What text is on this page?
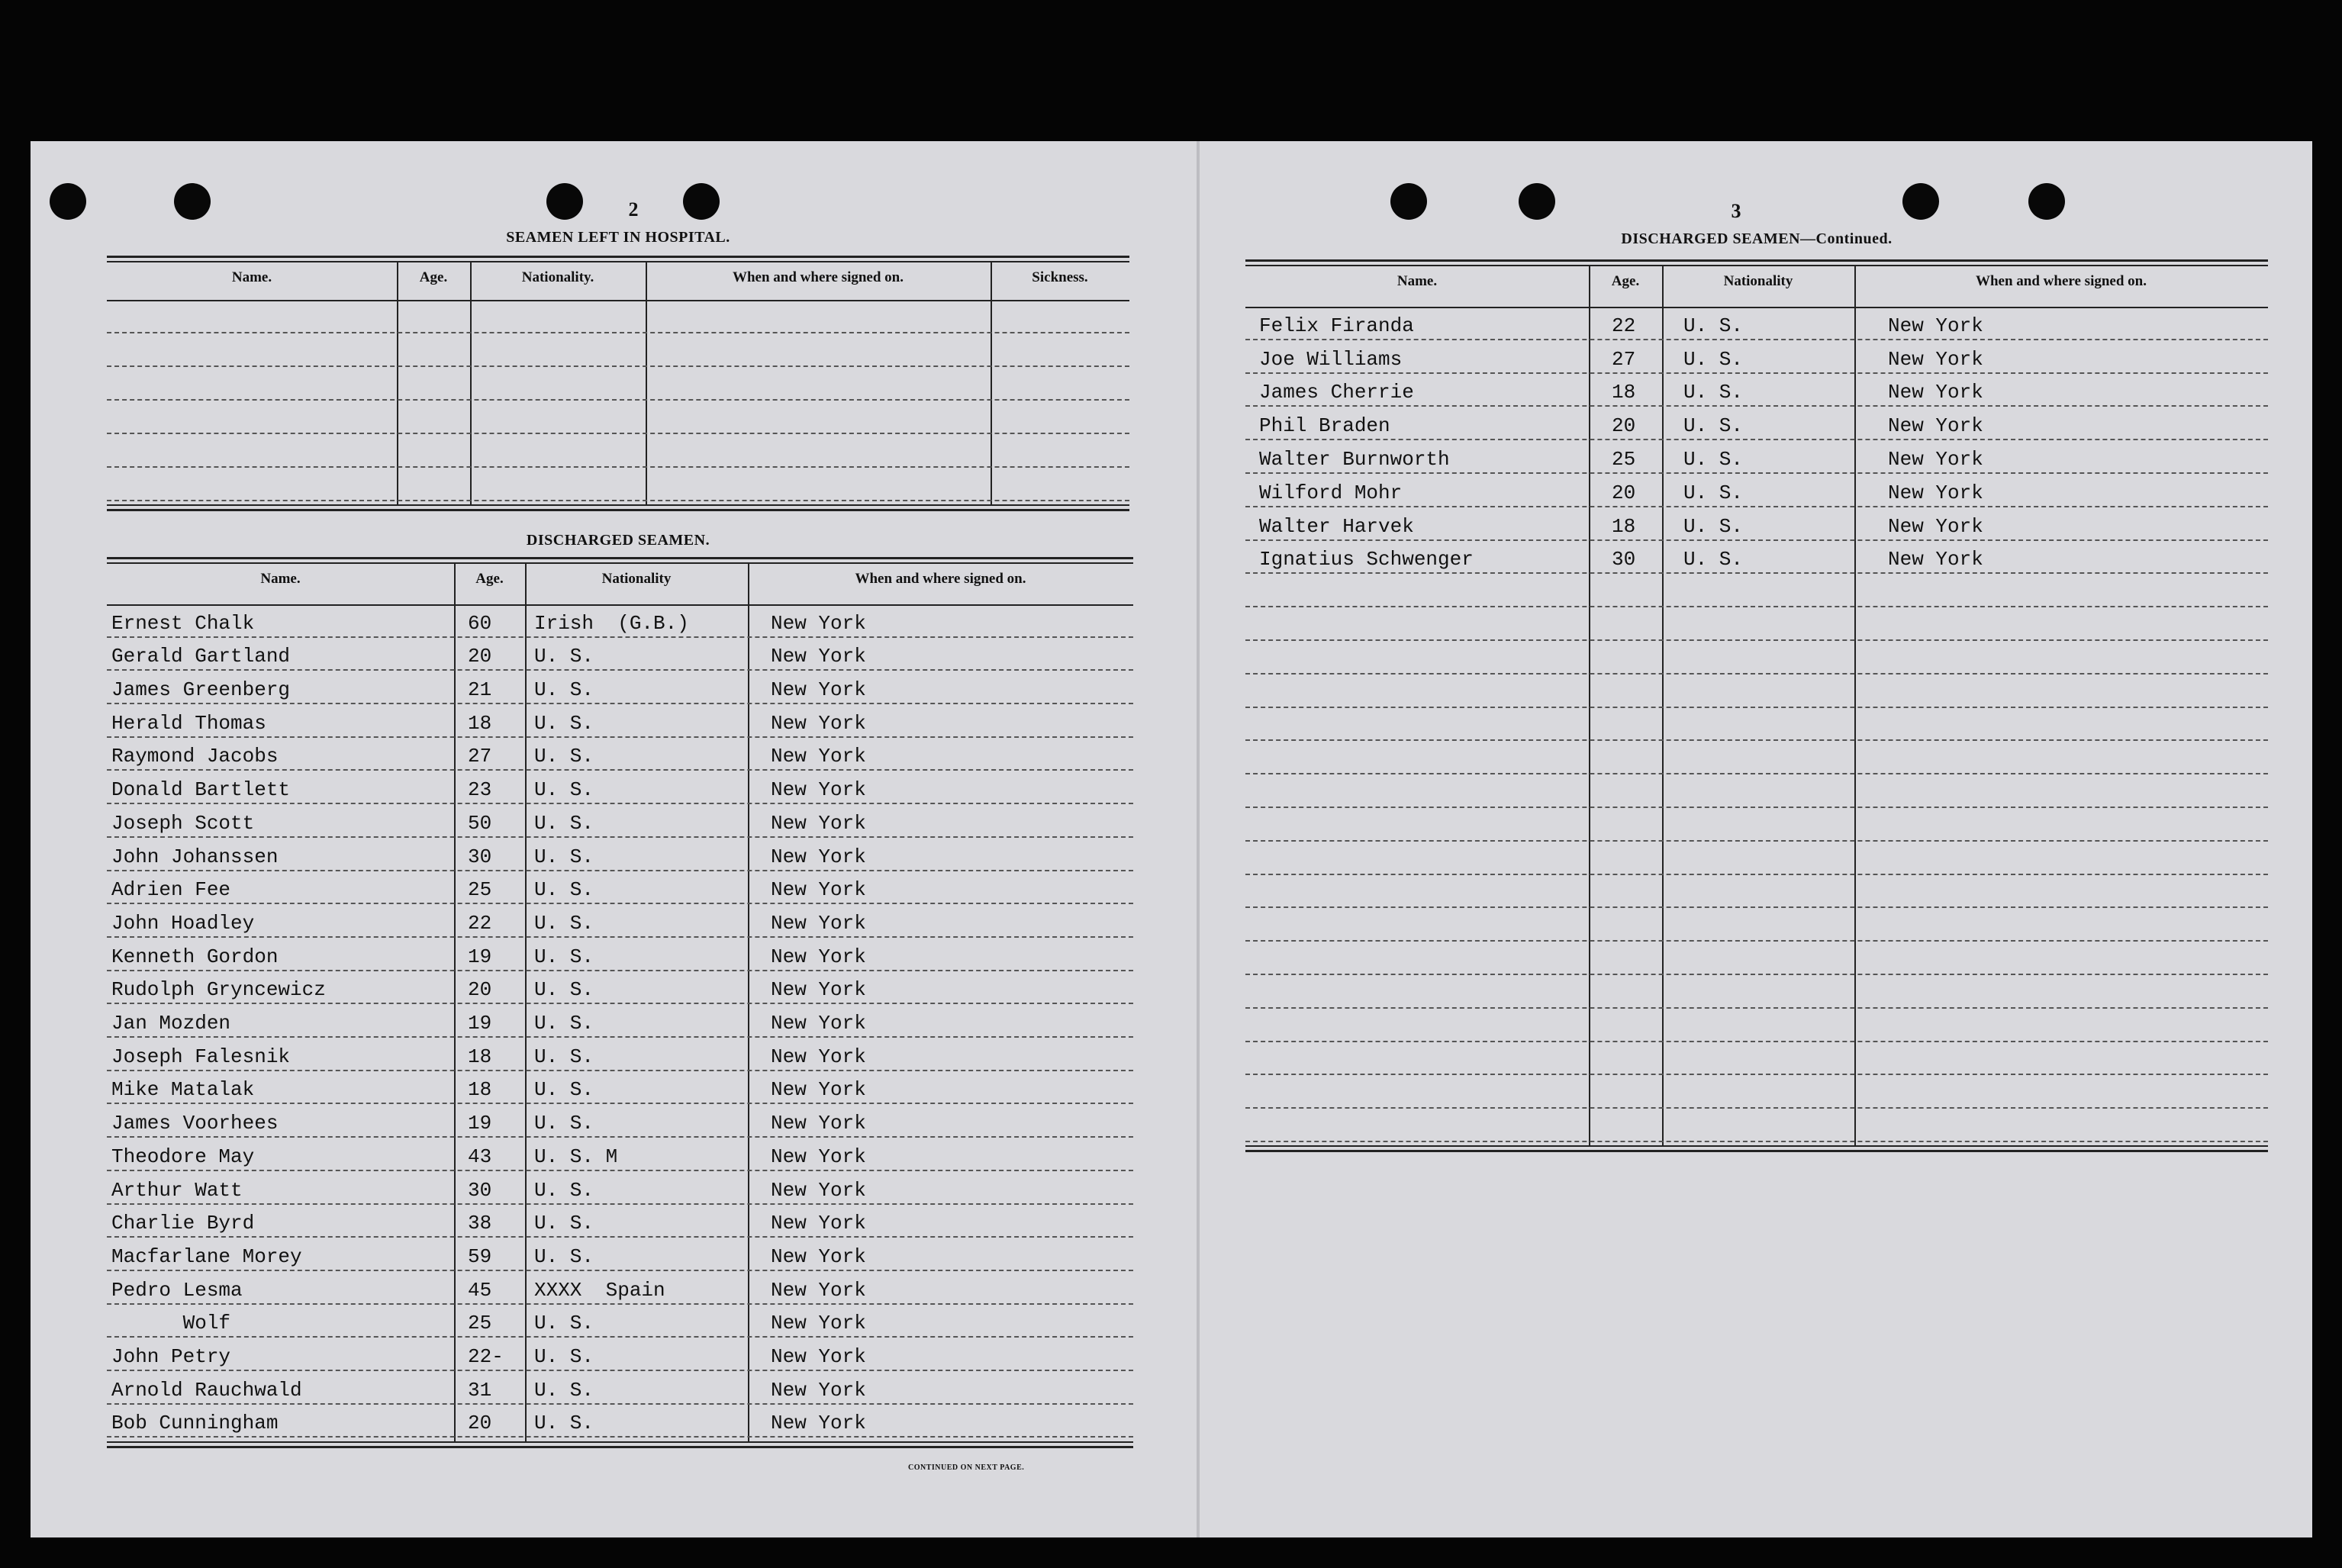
2
SEAMEN LEFT IN HOSPITAL.
Name.	Age.	Nationality.	When and where signed on.	Sickness.
DISCHARGED SEAMEN.
Name.	Age.	Nationality	When and where signed on.
Ernest Chalk	60 Irish  (G.B.)	New York
Gerald Gartland	20 U. S.	New York
James Greenberg	21 U. S.	New York
Herald Thomas	18 U. S.	New York
Raymond Jacobs	27 U. S.	New York
Donald Bartlett	23 U. S.	New York
Joseph Scott	50 U. S.	New York
John Johanssen	30 U. S.	New York
Adrien Fee	25 U. S.	New York
John Hoadley	22 U. S.	New York
Kenneth Gordon	19 U. S.	New York
Rudolph Gryncewicz	20 U. S.	New York
Jan Mozden	19 U. S.	New York
Joseph Falesnik	18 U. S.	New York
Mike Matalak	18 U. S.	New York
James Voorhees	19 U. S.	New York
Theodore May	43 U. S. M	New York
Arthur Watt	30 U. S.	New York
Charlie Byrd	38 U. S.	New York
Macfarlane Morey	59 U. S.	New York
Pedro Lesma	45 XXXX  Spain	New York
Wolf	25 U. S.	New York
John Petry	22- U. S.	New York
Arnold Rauchwald	31 U. S.	New York
Bob Cunningham	20 U. S.	New York
CONTINUED ON NEXT PAGE.
3
DISCHARGED SEAMEN—Continued.
Name.	Age.	Nationality	When and where signed on.
Felix Firanda	22 U. S.	New York
Joe Williams	27 U. S.	New York
James Cherrie	18 U. S.	New York
Phil Braden	20 U. S.	New York
Walter Burnworth	25 U. S.	New York
Wilford Mohr	20 U. S.	New York
Walter Harvek	18 U. S.	New York
Ignatius Schwenger	30 U. S.	New York
